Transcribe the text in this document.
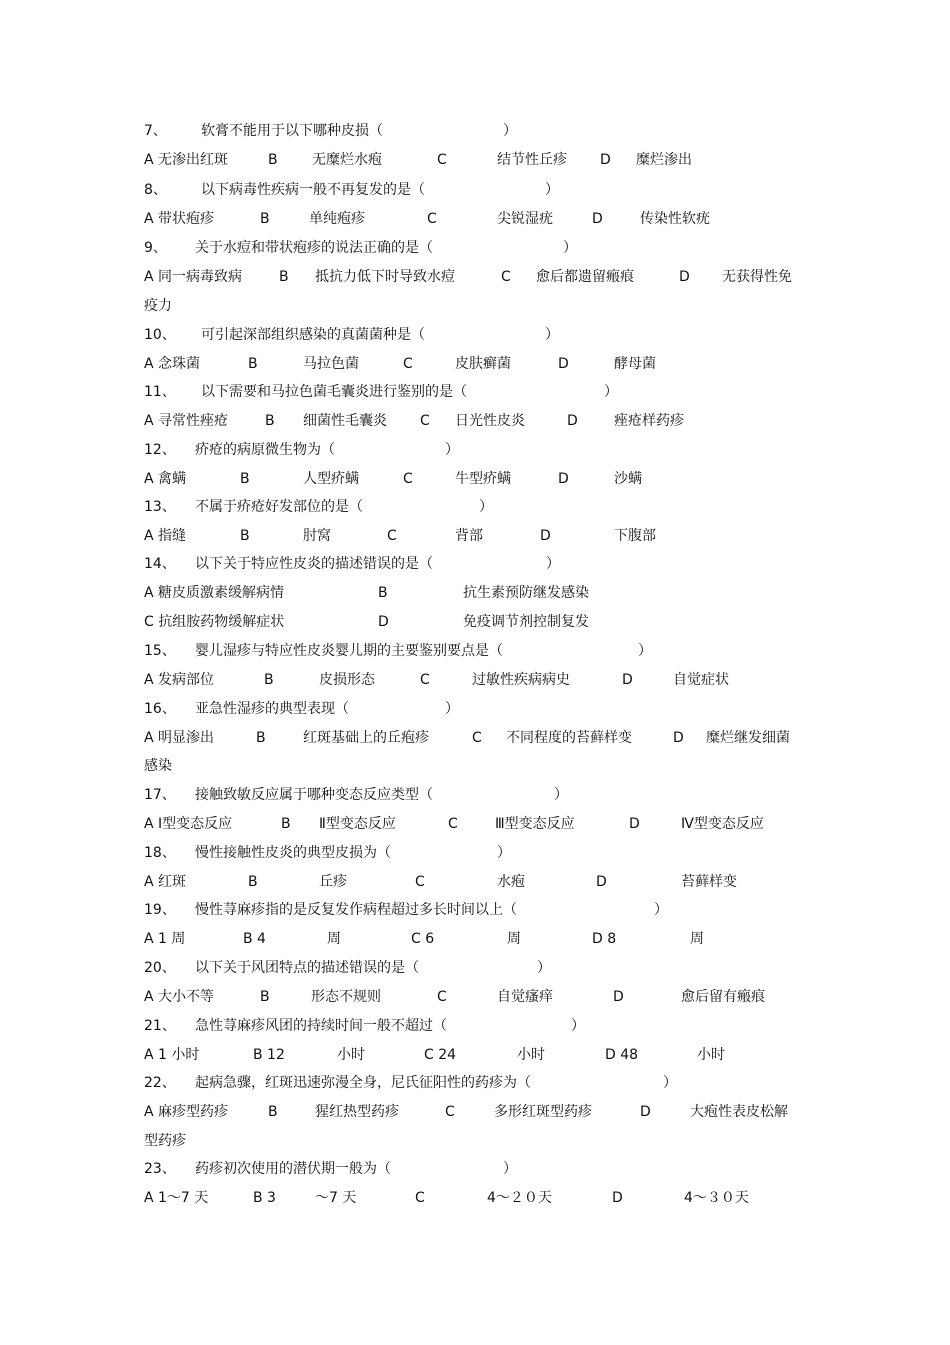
7、 软膏不能用于以下哪种皮损（	）
A 无渗出红斑	B 无糜烂水疱	C	结节性丘疹 D 糜烂渗出
8、 以下病毒性疾病一般不再复发的是（	）
A 带状疱疹	B	单纯疱疹	C	尖锐湿疣	D	传染性软疣
9、 关于水痘和带状疱疹的说法正确的是（	）
A 同一病毒致病	B 抵抗力低下时导致水痘	C 愈后都遗留瘢痕	D 无获得性免
疫力
10、 可引起深部组织感染的真菌菌种是（	）
A 念珠菌	B	马拉色菌	C	皮肤癣菌	D	酵母菌
11、 以下需要和马拉色菌毛囊炎进行鉴别的是（	）
A 寻常性痤疮	B 细菌性毛囊炎 C 日光性皮炎	D	痤疮样药疹
12、 疥疮的病原微生物为（	）
A 禽螨	B	人型疥螨	C	牛型疥螨	D	沙螨
13、 不属于疥疮好发部位的是（	）
A 指缝	B	肘窝	C	背部	D	下腹部
14、 以下关于特应性皮炎的描述错误的是（	）
A 糖皮质激素缓解病情	B	抗生素预防继发感染
C 抗组胺药物缓解症状	D	免疫调节剂控制复发
15、 婴儿湿疹与特应性皮炎婴儿期的主要鉴别要点是（	）
A 发病部位	B	皮损形态	C	过敏性疾病病史	D	自觉症状
16、 亚急性湿疹的典型表现（	）
A 明显渗出	B	红斑基础上的丘疱疹	C 不同程度的苔藓样变	D 糜烂继发细菌
感染
17、 接触致敏反应属于哪种变态反应类型（	）
A Ⅰ型变态反应	B Ⅱ型变态反应	C	Ⅲ型变态反应	D	Ⅳ型变态反应
18、 慢性接触性皮炎的典型皮损为（	）
A 红斑	B	丘疹	C	水疱	D	苔藓样变
19、 慢性荨麻疹指的是反复发作病程超过多长时间以上（	）
A 1 周	B 4	周	C 6	周	D 8	周
20、 以下关于风团特点的描述错误的是（	）
A 大小不等	B	形态不规则	C	自觉瘙痒	D	愈后留有瘢痕
21、 急性荨麻疹风团的持续时间一般不超过（	）
A 1 小时	B 12	小时	C 24	小时	D 48	小时
22、 起病急骤，红斑迅速弥漫全身，尼氏征阳性的药疹为（	）
A 麻疹型药疹	B	猩红热型药疹	C	多形红斑型药疹	D	大疱性表皮松解
型药疹
23、 药疹初次使用的潜伏期一般为（	）
A 1～7 天	B 3	～7 天	C	4～２０天	D	4～３０天
